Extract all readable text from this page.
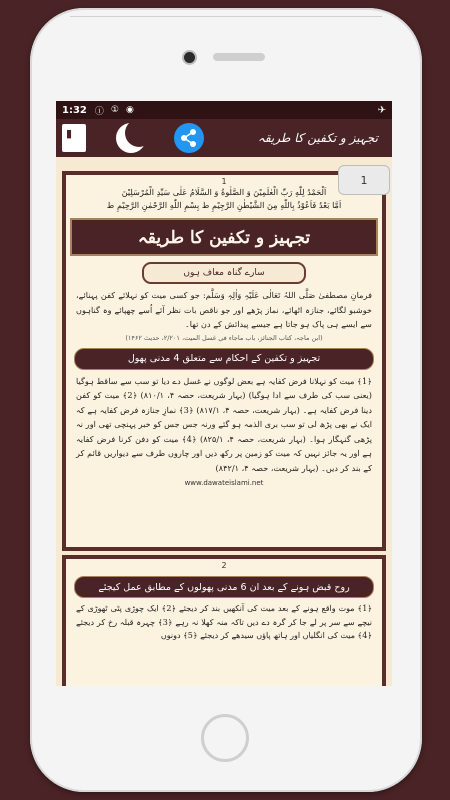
1:32 ⓘ ① ◉	✈
▮	تجہیز و تکفین کا طریقہ
1
1
اَلْحَمْدُ لِلّٰهِ رَبِّ الْعٰلَمِيْنَ وَ الصَّلٰوةُ وَ السَّلَامُ عَلٰى سَيِّدِ الْمُرْسَلِيْنَ
اَمَّا بَعْدُ فَاَعُوْذُ بِاللّٰهِ مِنَ الشَّيْطٰنِ الرَّجِيْمِ ط بِسْمِ اللّٰهِ الرَّحْمٰنِ الرَّحِيْمِ ط
تجہیز و تکفین کا طریقہ
سارے گناہ معاف ہوں
فرمانِ مصطفیٰ صَلَّی اللہُ تَعَالٰی عَلَیْہِ وَاٰلِہٖ وَسَلَّم: جو کسی میت کو نہلائے کفن پہنائے، خوشبو لگائے، جنازہ اٹھائے، نماز پڑھے اور جو ناقص بات نظر آئے اُسے چھپائے وہ گناہوں سے ایسے ہی پاک ہو جاتا ہے جیسے پیدائش کے دن تھا۔
(ابن ماجہ، کتاب الجنائز، باب ماجاء فی غسل المیت، ۲/۲۰۱، حدیث ۱۴۶۲)
تجہیز و تکفین کے احکام سے متعلق 4 مدنی پھول
﴿1﴾ میت کو نہلانا فرض کفایہ ہے بعض لوگوں نے غسل دے دیا تو سب سے ساقط ہوگیا (یعنی سب کی طرف سے ادا ہوگیا) (بہار شریعت، حصہ ۴، ۸۱۰/۱) ﴿2﴾ میت کو کفن دینا فرض کفایہ ہے۔ (بہار شریعت، حصہ ۴، ۸۱۷/۱) ﴿3﴾ نمازِ جنازہ فرض کفایہ ہے کہ ایک نے بھی پڑھ لی تو سب بری الذمہ ہو گئے ورنہ جس جس کو خبر پہنچی تھی اور نہ پڑھی گنہگار ہوا۔ (بہار شریعت، حصہ ۴، ۸۲۵/۱) ﴿4﴾ میت کو دفن کرنا فرض کفایہ ہے اور یہ جائز نہیں کہ میت کو زمین پر رکھ دیں اور چاروں طرف سے دیواریں قائم کر کے بند کر دیں۔ (بہار شریعت، حصہ ۴، ۸۴۲/۱)
www.dawateislami.net
2
روح قبض ہونے کے بعد ان 6 مدنی پھولوں کے مطابق عمل کیجئے
﴿1﴾ موت واقع ہونے کے بعد میت کی آنکھیں بند کر دیجئے ﴿2﴾ ایک چوڑی پٹی ٹھوڑی کے نیچے سے سر پر لے جا کر گرہ دے دیں تاکہ منہ کھلا نہ رہے ﴿3﴾ چہرہ قبلہ رخ کر دیجئے ﴿4﴾ میت کی انگلیاں اور ہاتھ پاؤں سیدھے کر دیجئے ﴿5﴾ دونوں
